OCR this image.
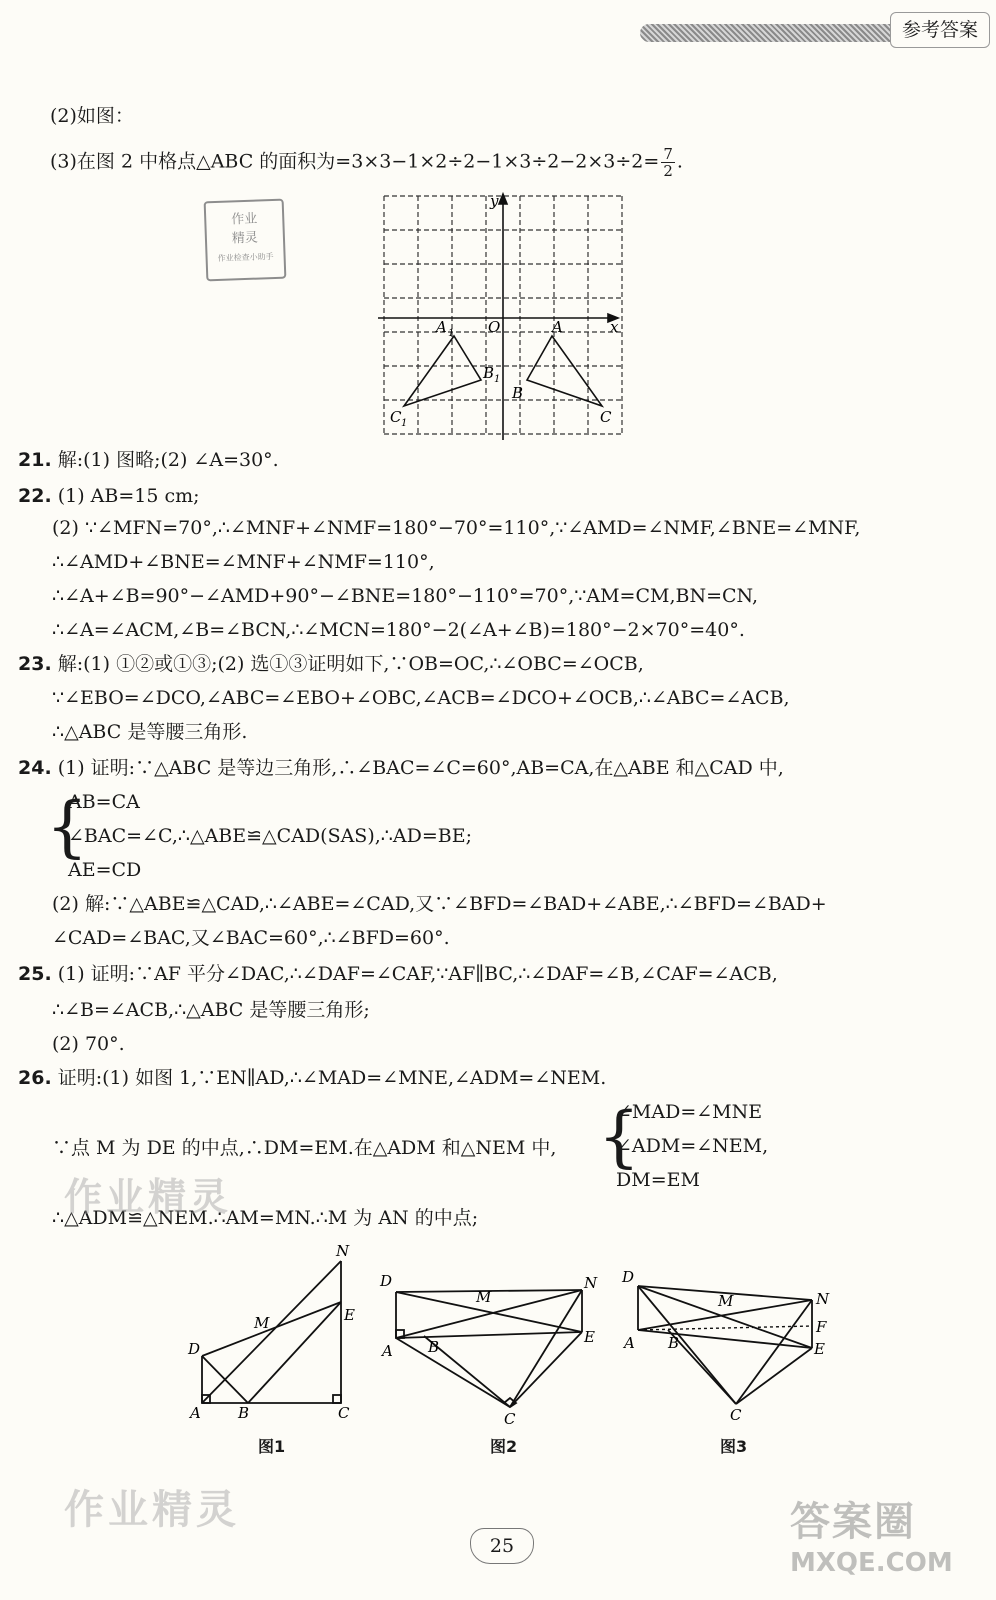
参考答案
(2)如图：
(3)在图 2 中格点△ABC 的面积为$=3\times 3-1\times 2\div 2-1\times 3\div 2-2\times 3\div 2= \frac{7}{2}$ .
作业
精灵
作业检查小助手
y
x
O
A 1	A
B 1
B
C 1	C
21. 解:(1) 图略;(2) ∠A=30°.
22. (1) AB=15 cm;
(2) ∵∠MFN=70°,∴∠MNF+∠NMF=180°−70°=110°,∵∠AMD=∠NMF,∠BNE=∠MNF,
∴∠AMD+∠BNE=∠MNF+∠NMF=110°,
∴∠A+∠B=90°−∠AMD+90°−∠BNE=180°−110°=70°,∵AM=CM,BN=CN,
∴∠A=∠ACM,∠B=∠BCN,∴∠MCN=180°−2(∠A+∠B)=180°−2×70°=40°.
23. 解:(1) ①②或①③;(2) 选①③证明如下,∵OB=OC,∴∠OBC=∠OCB,
∵∠EBO=∠DCO,∠ABC=∠EBO+∠OBC,∠ACB=∠DCO+∠OCB,∴∠ABC=∠ACB,
∴△ABC 是等腰三角形.
24. (1) 证明:∵△ABC 是等边三角形,∴∠BAC=∠C=60°,AB=CA,在△ABE 和△CAD 中,
{
AB=CA
∠BAC=∠C,∴△ABE≌△CAD(SAS),∴AD=BE;
AE=CD
(2) 解:∵△ABE≌△CAD,∴∠ABE=∠CAD,又∵∠BFD=∠BAD+∠ABE,∴∠BFD=∠BAD+
∠CAD=∠BAC,又∠BAC=60°,∴∠BFD=60°.
25. (1) 证明:∵AF 平分∠DAC,∴∠DAF=∠CAF,∵AF∥BC,∴∠DAF=∠B,∠CAF=∠ACB,
∴∠B=∠ACB,∴△ABC 是等腰三角形;
(2) 70°.
26. 证明:(1) 如图 1,∵EN∥AD,∴∠MAD=∠MNE,∠ADM=∠NEM.
∵点 M 为 DE 的中点,∴DM=EM.在△ADM 和△NEM 中, {
∠MAD=∠MNE
∠ADM=∠NEM,
DM=EM
∴△ADM≌△NEM.∴AM=MN.∴M 为 AN 的中点;
N
M	E
D
A B	C
图1
D
M
N
A B
E
C
图2
D
M	N
F
A B	E
C
图3
作业精灵
作业精灵	答案圈
MXQE.COM
25
